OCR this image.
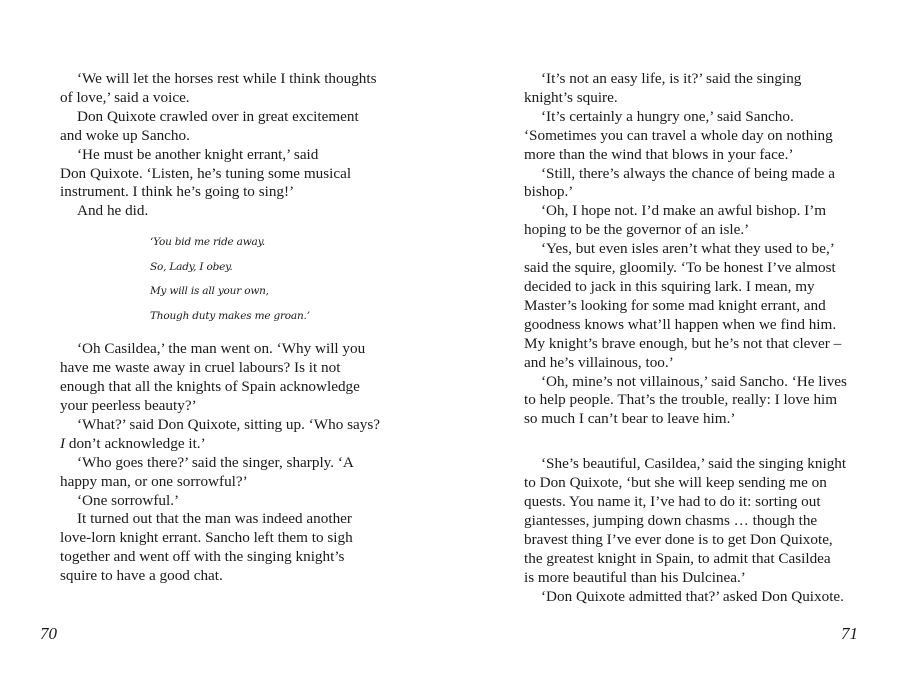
‘We will let the horses rest while I think thoughts
of love,’ said a voice.

Don Quixote crawled over in great excitement
and woke up Sancho.

‘He must be another knight errant,’ said
Don Quixote. ‘Listen, he’s tuning some musical
instrument. I think he’s going to sing!’

And he did.

‘You bid me ride away.

So, Lady, I obey.

My will is all your own,

Though duty makes me groan.’

‘Oh Casildea,’ the man went on. ‘Why will you
have me waste away in cruel labours? Is it not
enough that all the knights of Spain acknowledge
your peerless beauty?’

‘What?’ said Don Quixote, sitting up. ‘Who says?

I don’t acknowledge it.’

‘Who goes there?’ said the singer, sharply. ‘A
happy man, or one sorrowful?’

‘One sorrowful.’

It turned out that the man was indeed another
love-lorn knight errant. Sancho left them to sigh
together and went off with the singing knight’s
squire to have a good chat.

‘It’s not an easy life, is it?’ said the singing
knight’s squire.

‘It’s certainly a hungry one,’ said Sancho.
‘Sometimes you can travel a whole day on nothing
more than the wind that blows in your face.’

‘Still, there’s always the chance of being made a
bishop.’

‘Oh, I hope not. I’d make an awful bishop. I’m
hoping to be the governor of an isle.’

‘Yes, but even isles aren’t what they used to be,’
said the squire, gloomily. ‘To be honest I’ve almost
decided to jack in this squiring lark. I mean, my
Master’s looking for some mad knight errant, and
goodness knows what’ll happen when we find him.
My knight’s brave enough, but he’s not that clever –
and he’s villainous, too.’

‘Oh, mine’s not villainous,’ said Sancho. ‘He lives
to help people. That’s the trouble, really: I love him
so much I can’t bear to leave him.’

‘She’s beautiful, Casildea,’ said the singing knight
to Don Quixote, ‘but she will keep sending me on
quests. You name it, I’ve had to do it: sorting out
giantesses, jumping down chasms … though the
bravest thing I’ve ever done is to get Don Quixote,
the greatest knight in Spain, to admit that Casildea
is more beautiful than his Dulcinea.’

‘Don Quixote admitted that?’ asked Don Quixote.

70	71
